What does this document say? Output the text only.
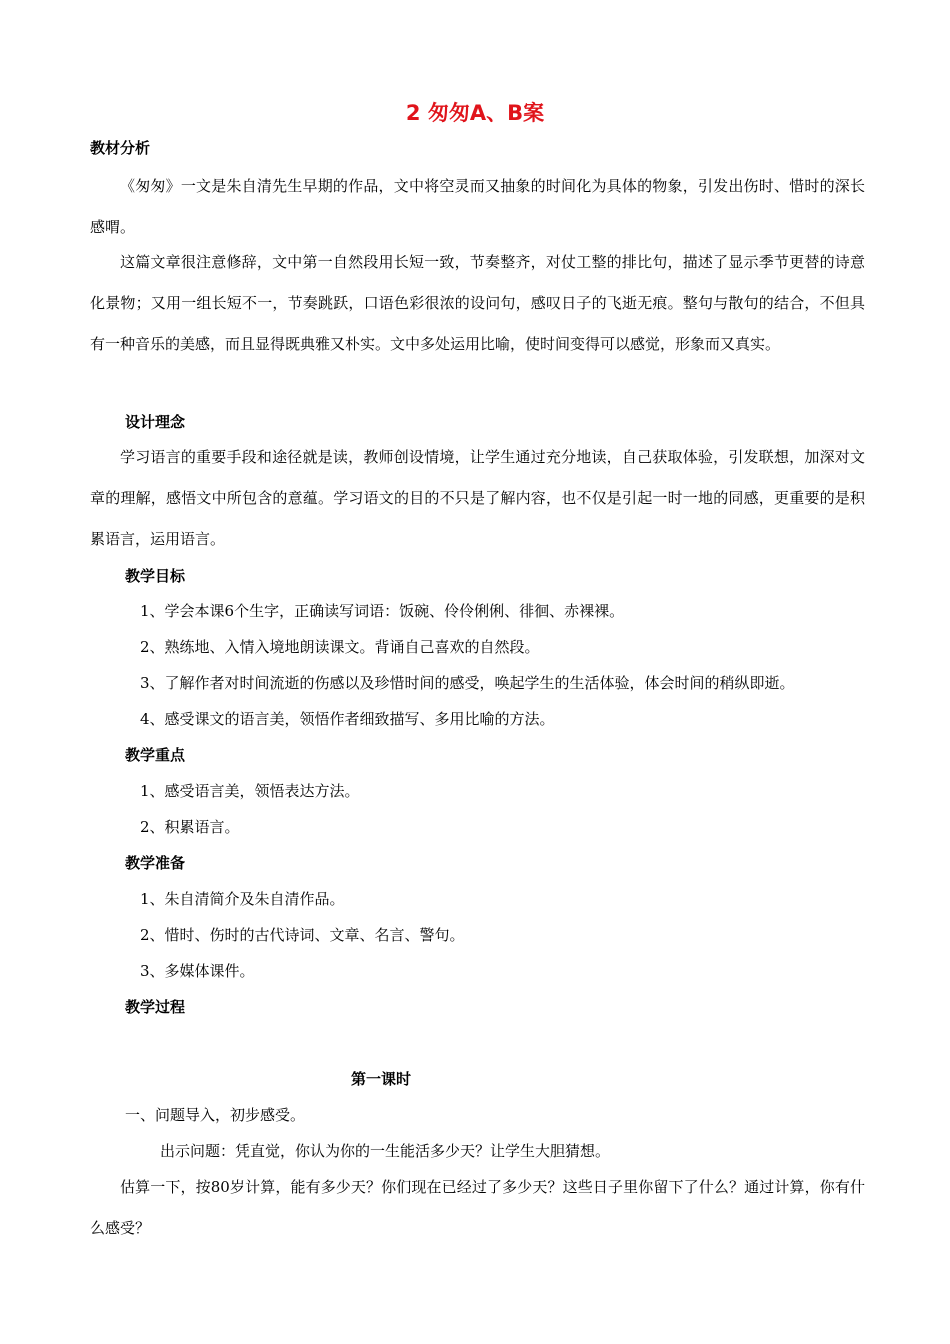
2 匆匆A、B案
教材分析

《匆匆》一文是朱自清先生早期的作品，文中将空灵而又抽象的时间化为具体的物象，引发出伤时、惜时的深长感喟。

这篇文章很注意修辞，文中第一自然段用长短一致，节奏整齐，对仗工整的排比句，描述了显示季节更替的诗意化景物；又用一组长短不一，节奏跳跃，口语色彩很浓的设问句，感叹日子的飞逝无痕。整句与散句的结合，不但具有一种音乐的美感，而且显得既典雅又朴实。文中多处运用比喻，使时间变得可以感觉，形象而又真实。

设计理念

学习语言的重要手段和途径就是读，教师创设情境，让学生通过充分地读，自己获取体验，引发联想，加深对文章的理解，感悟文中所包含的意蕴。学习语文的目的不只是了解内容，也不仅是引起一时一地的同感，更重要的是积累语言，运用语言。

教学目标
1、学会本课6个生字，正确读写词语：饭碗、伶伶俐俐、徘徊、赤裸裸。
2、熟练地、入情入境地朗读课文。背诵自己喜欢的自然段。
3、了解作者对时间流逝的伤感以及珍惜时间的感受，唤起学生的生活体验，体会时间的稍纵即逝。
4、感受课文的语言美，领悟作者细致描写、多用比喻的方法。
教学重点
1、感受语言美，领悟表达方法。
2、积累语言。
教学准备
1、朱自清简介及朱自清作品。
2、惜时、伤时的古代诗词、文章、名言、警句。
3、多媒体课件。
教学过程
第一课时
一、问题导入，初步感受。
出示问题：凭直觉，你认为你的一生能活多少天？让学生大胆猜想。

估算一下，按80岁计算，能有多少天？你们现在已经过了多少天？这些日子里你留下了什么？通过计算，你有什么感受？
